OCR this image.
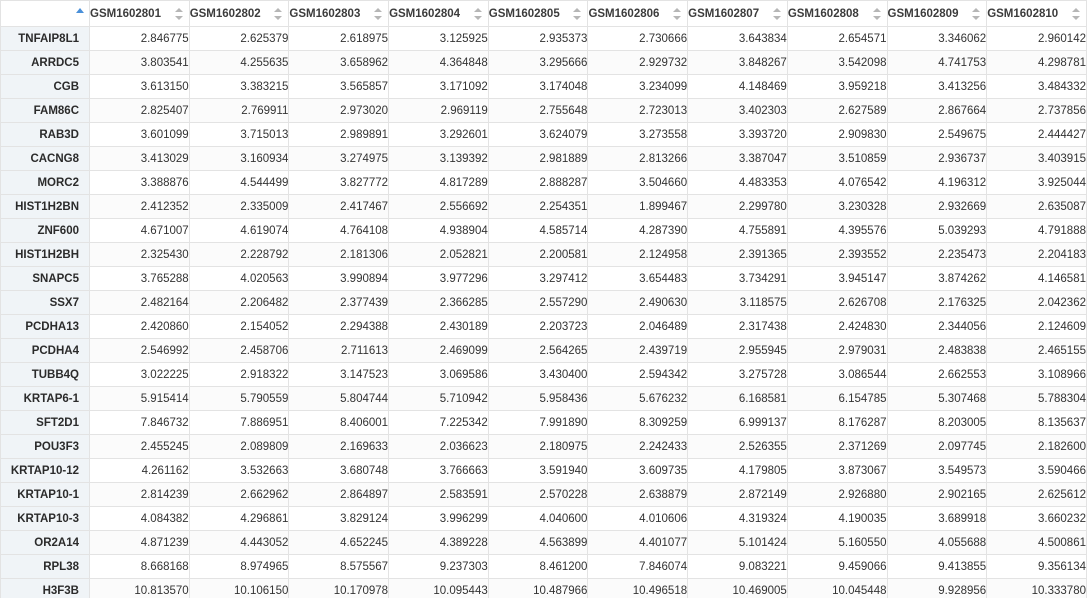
	GSM1602801	GSM1602802	GSM1602803	GSM1602804	GSM1602805	GSM1602806	GSM1602807	GSM1602808	GSM1602809	GSM1602810

TNFAIP8L1	2.846775	2.625379	2.618975	3.125925	2.935373	2.730666	3.643834	2.654571	3.346062	2.960142
ARRDC5	3.803541	4.255635	3.658962	4.364848	3.295666	2.929732	3.848267	3.542098	4.741753	4.298781
CGB	3.613150	3.383215	3.565857	3.171092	3.174048	3.234099	4.148469	3.959218	3.413256	3.484332
FAM86C	2.825407	2.769911	2.973020	2.969119	2.755648	2.723013	3.402303	2.627589	2.867664	2.737856
RAB3D	3.601099	3.715013	2.989891	3.292601	3.624079	3.273558	3.393720	2.909830	2.549675	2.444427
CACNG8	3.413029	3.160934	3.274975	3.139392	2.981889	2.813266	3.387047	3.510859	2.936737	3.403915
MORC2	3.388876	4.544499	3.827772	4.817289	2.888287	3.504660	4.483353	4.076542	4.196312	3.925044
HIST1H2BN	2.412352	2.335009	2.417467	2.556692	2.254351	1.899467	2.299780	3.230328	2.932669	2.635087
ZNF600	4.671007	4.619074	4.764108	4.938904	4.585714	4.287390	4.755891	4.395576	5.039293	4.791888
HIST1H2BH	2.325430	2.228792	2.181306	2.052821	2.200581	2.124958	2.391365	2.393552	2.235473	2.204183
SNAPC5	3.765288	4.020563	3.990894	3.977296	3.297412	3.654483	3.734291	3.945147	3.874262	4.146581
SSX7	2.482164	2.206482	2.377439	2.366285	2.557290	2.490630	3.118575	2.626708	2.176325	2.042362
PCDHA13	2.420860	2.154052	2.294388	2.430189	2.203723	2.046489	2.317438	2.424830	2.344056	2.124609
PCDHA4	2.546992	2.458706	2.711613	2.469099	2.564265	2.439719	2.955945	2.979031	2.483838	2.465155
TUBB4Q	3.022225	2.918322	3.147523	3.069586	3.430400	2.594342	3.275728	3.086544	2.662553	3.108966
KRTAP6-1	5.915414	5.790559	5.804744	5.710942	5.958436	5.676232	6.168581	6.154785	5.307468	5.788304
SFT2D1	7.846732	7.886951	8.406001	7.225342	7.991890	8.309259	6.999137	8.176287	8.203005	8.135637
POU3F3	2.455245	2.089809	2.169633	2.036623	2.180975	2.242433	2.526355	2.371269	2.097745	2.182600
KRTAP10-12	4.261162	3.532663	3.680748	3.766663	3.591940	3.609735	4.179805	3.873067	3.549573	3.590466
KRTAP10-1	2.814239	2.662962	2.864897	2.583591	2.570228	2.638879	2.872149	2.926880	2.902165	2.625612
KRTAP10-3	4.084382	4.296861	3.829124	3.996299	4.040600	4.010606	4.319324	4.190035	3.689918	3.660232
OR2A14	4.871239	4.443052	4.652245	4.389228	4.563899	4.401077	5.101424	5.160550	4.055688	4.500861
RPL38	8.668168	8.974965	8.575567	9.237303	8.461200	7.846074	9.083221	9.459066	9.413855	9.356134
H3F3B	10.813570	10.106150	10.170978	10.095443	10.487966	10.496518	10.469005	10.045448	9.928956	10.333780
